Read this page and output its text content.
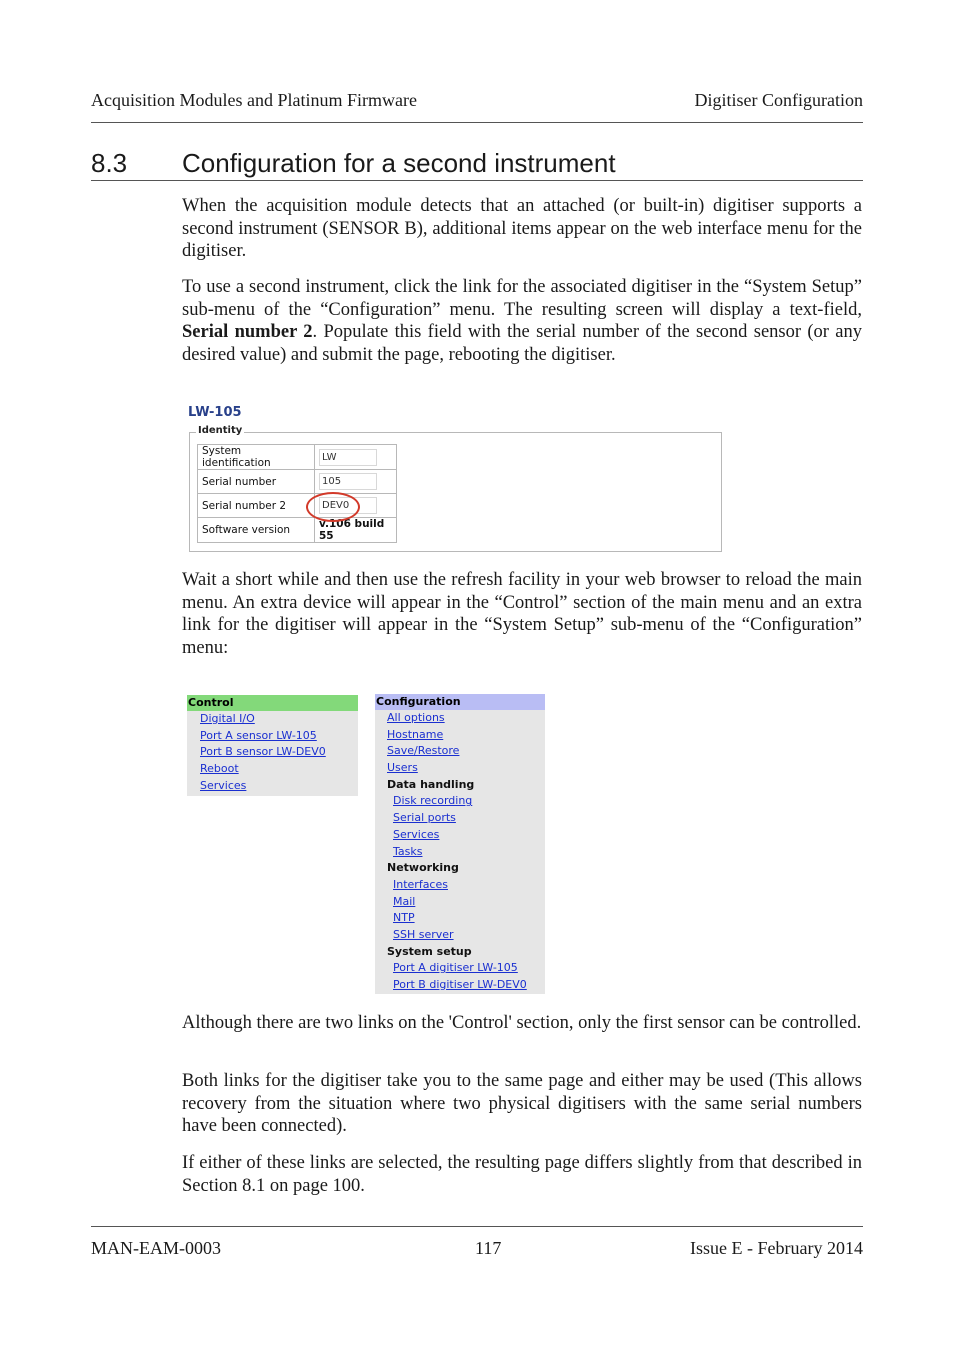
Acquisition Modules and Platinum Firmware	Digitiser Configuration
8.3 Configuration for a second instrument
When the acquisition module detects that an attached (or built-in) digitiser supports a second instrument (SENSOR B), additional items appear on the web interface menu for the digitiser.
To use a second instrument, click the link for the associated digitiser in the “System Setup” sub-menu of the “Configuration” menu. The resulting screen will display a text-field, Serial number 2. Populate this field with the serial number of the second sensor (or any desired value) and submit the page, rebooting the digitiser.
LW-105
Identity
System identification	LW
Serial number	105
Serial number 2	DEV0
Software version	v.106 build 55
Wait a short while and then use the refresh facility in your web browser to reload the main menu. An extra device will appear in the “Control” section of the main menu and an extra link for the digitiser will appear in the “System Setup” sub-menu of the “Configuration” menu:
Control
Digital I/O
Port A sensor LW-105
Port B sensor LW-DEV0
Reboot
Services
Configuration
All options
Hostname
Save/Restore
Users
Data handling
Disk recording
Serial ports
Services
Tasks
Networking
Interfaces
Mail
NTP
SSH server
System setup
Port A digitiser LW-105
Port B digitiser LW-DEV0
Although there are two links on the 'Control' section, only the first sensor can be controlled.
Both links for the digitiser take you to the same page and either may be used (This allows recovery from the situation where two physical digitisers with the same serial numbers have been connected).
If either of these links are selected, the resulting page differs slightly from that described in Section 8.1 on page 100.
MAN-EAM-0003	117	Issue E - February 2014
